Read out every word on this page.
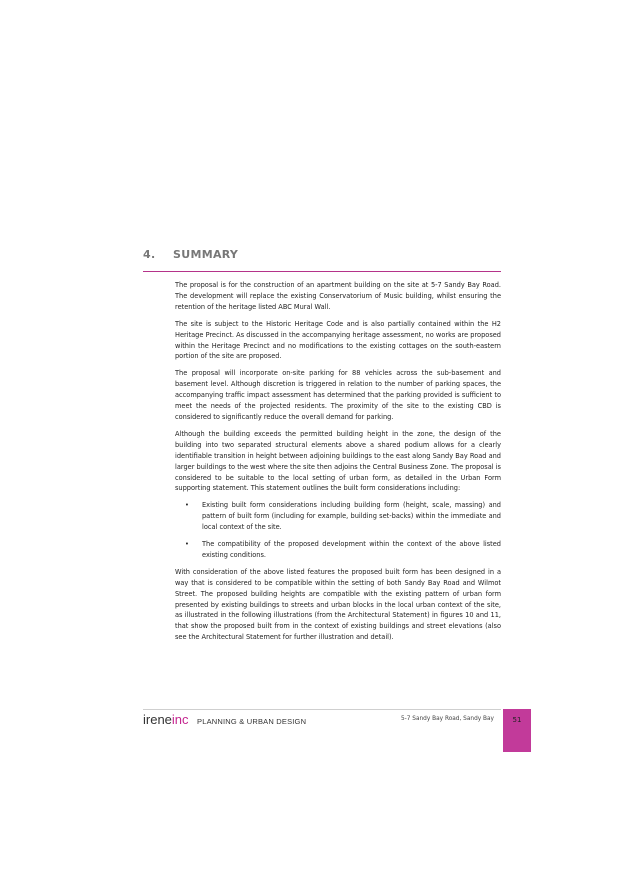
4.	SUMMARY

The proposal is for the construction of an apartment building on the site at 5-7 Sandy Bay Road. The development will replace the existing Conservatorium of Music building, whilst ensuring the retention of the heritage listed ABC Mural Wall.

The site is subject to the Historic Heritage Code and is also partially contained within the H2 Heritage Precinct. As discussed in the accompanying heritage assessment, no works are proposed within the Heritage Precinct and no modifications to the existing cottages on the south-eastern portion of the site are proposed.

The proposal will incorporate on-site parking for 88 vehicles across the sub-basement and basement level. Although discretion is triggered in relation to the number of parking spaces, the accompanying traffic impact assessment has determined that the parking provided is sufficient to meet the needs of the projected residents. The proximity of the site to the existing CBD is considered to significantly reduce the overall demand for parking.

Although the building exceeds the permitted building height in the zone, the design of the building into two separated structural elements above a shared podium allows for a clearly identifiable transition in height between adjoining buildings to the east along Sandy Bay Road and larger buildings to the west where the site then adjoins the Central Business Zone. The proposal is considered to be suitable to the local setting of urban form, as detailed in the Urban Form supporting statement. This statement outlines the built form considerations including:

• Existing built form considerations including building form (height, scale, massing) and pattern of built form (including for example, building set-backs) within the immediate and local context of the site.
• The compatibility of the proposed development within the context of the above listed existing conditions.

With consideration of the above listed features the proposed built form has been designed in a way that is considered to be compatible within the setting of both Sandy Bay Road and Wilmot Street. The proposed building heights are compatible with the existing pattern of urban form presented by existing buildings to streets and urban blocks in the local urban context of the site, as illustrated in the following illustrations (from the Architectural Statement) in figures 10 and 11, that show the proposed built from in the context of existing buildings and street elevations (also see the Architectural Statement for further illustration and detail).

ireneinc PLANNING & URBAN DESIGN	5-7 Sandy Bay Road, Sandy Bay	51
